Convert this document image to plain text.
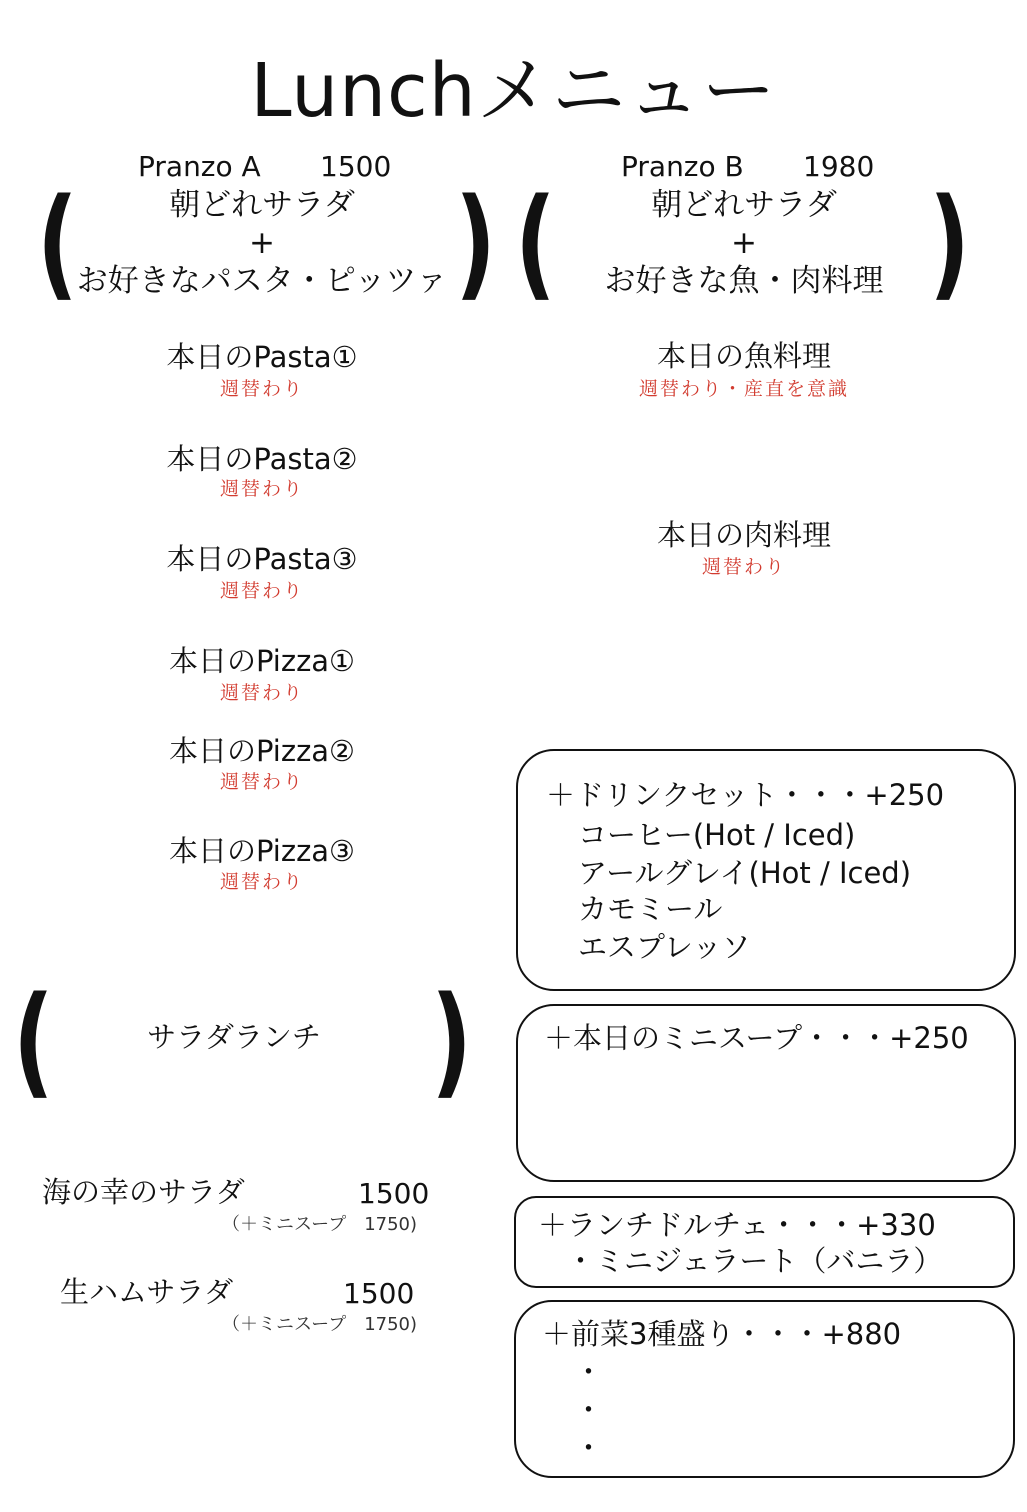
Lunchメニュー
Pranzo A 1500
(	)
朝どれサラダ
+
お好きなパスタ・ピッツァ
Pranzo B 1980
(	)
朝どれサラダ
+
お好きな魚・肉料理
本日のPasta①
週替わり
本日のPasta②
週替わり
本日のPasta③
週替わり
本日のPizza①
週替わり
本日のPizza②
週替わり
本日のPizza③
週替わり
本日の魚料理
週替わり・産直を意識
本日の肉料理
週替わり
(	)
サラダランチ
海の幸のサラダ	1500
（＋ミニスープ　1750)
生ハムサラダ	1500
（＋ミニスープ　1750)
＋ドリンクセット・・・+250
コーヒー(Hot / Iced)
アールグレイ(Hot / Iced)
カモミール
エスプレッソ
＋本日のミニスープ・・・+250
＋ランチドルチェ・・・+330
・ミニジェラート（バニラ）
＋前菜3種盛り・・・+880
・
・
・
